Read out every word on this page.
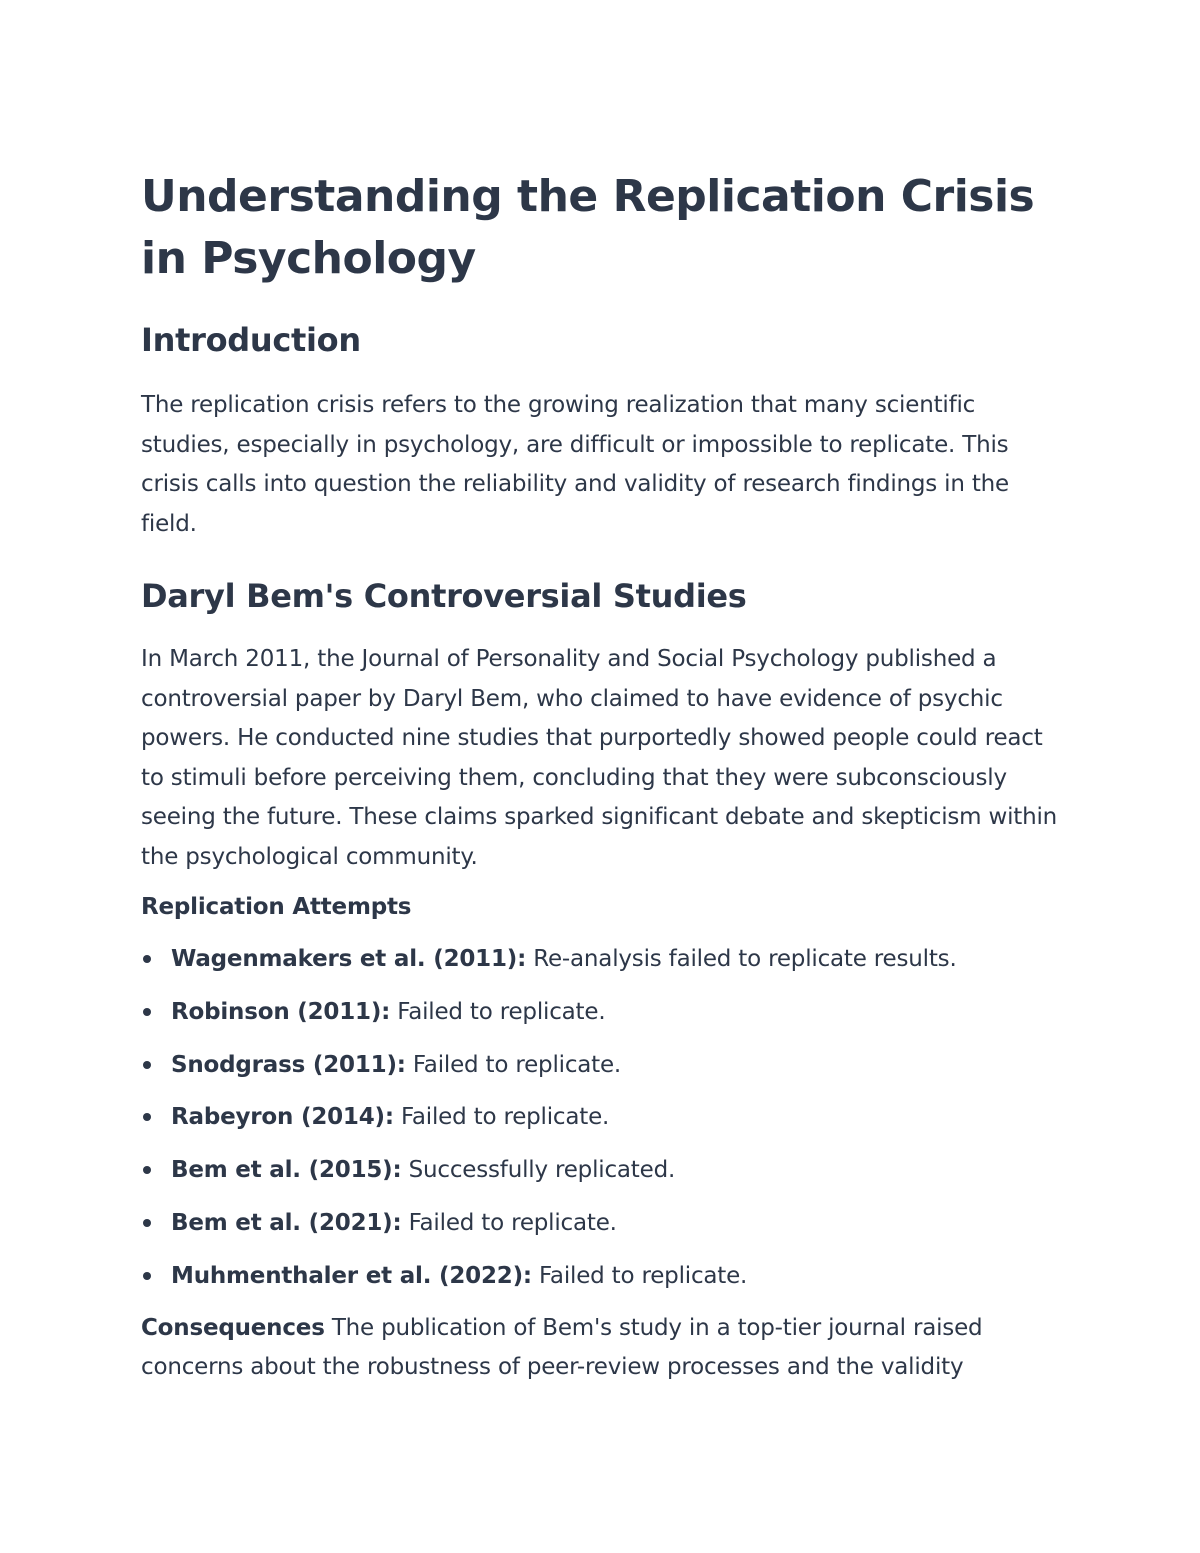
Understanding the Replication Crisis in Psychology
Introduction

The replication crisis refers to the growing realization that many scientific studies, especially in psychology, are difficult or impossible to replicate. This crisis calls into question the reliability and validity of research findings in the field.

Daryl Bem's Controversial Studies

In March 2011, the Journal of Personality and Social Psychology published a controversial paper by Daryl Bem, who claimed to have evidence of psychic powers. He conducted nine studies that purportedly showed people could react to stimuli before perceiving them, concluding that they were subconsciously seeing the future. These claims sparked significant debate and skepticism within the psychological community.

Replication Attempts
Wagenmakers et al. (2011): Re-analysis failed to replicate results.
Robinson (2011): Failed to replicate.
Snodgrass (2011): Failed to replicate.
Rabeyron (2014): Failed to replicate.
Bem et al. (2015): Successfully replicated.
Bem et al. (2021): Failed to replicate.
Muhmenthaler et al. (2022): Failed to replicate.

Consequences The publication of Bem's study in a top-tier journal raised concerns about the robustness of peer-review processes and the validity
